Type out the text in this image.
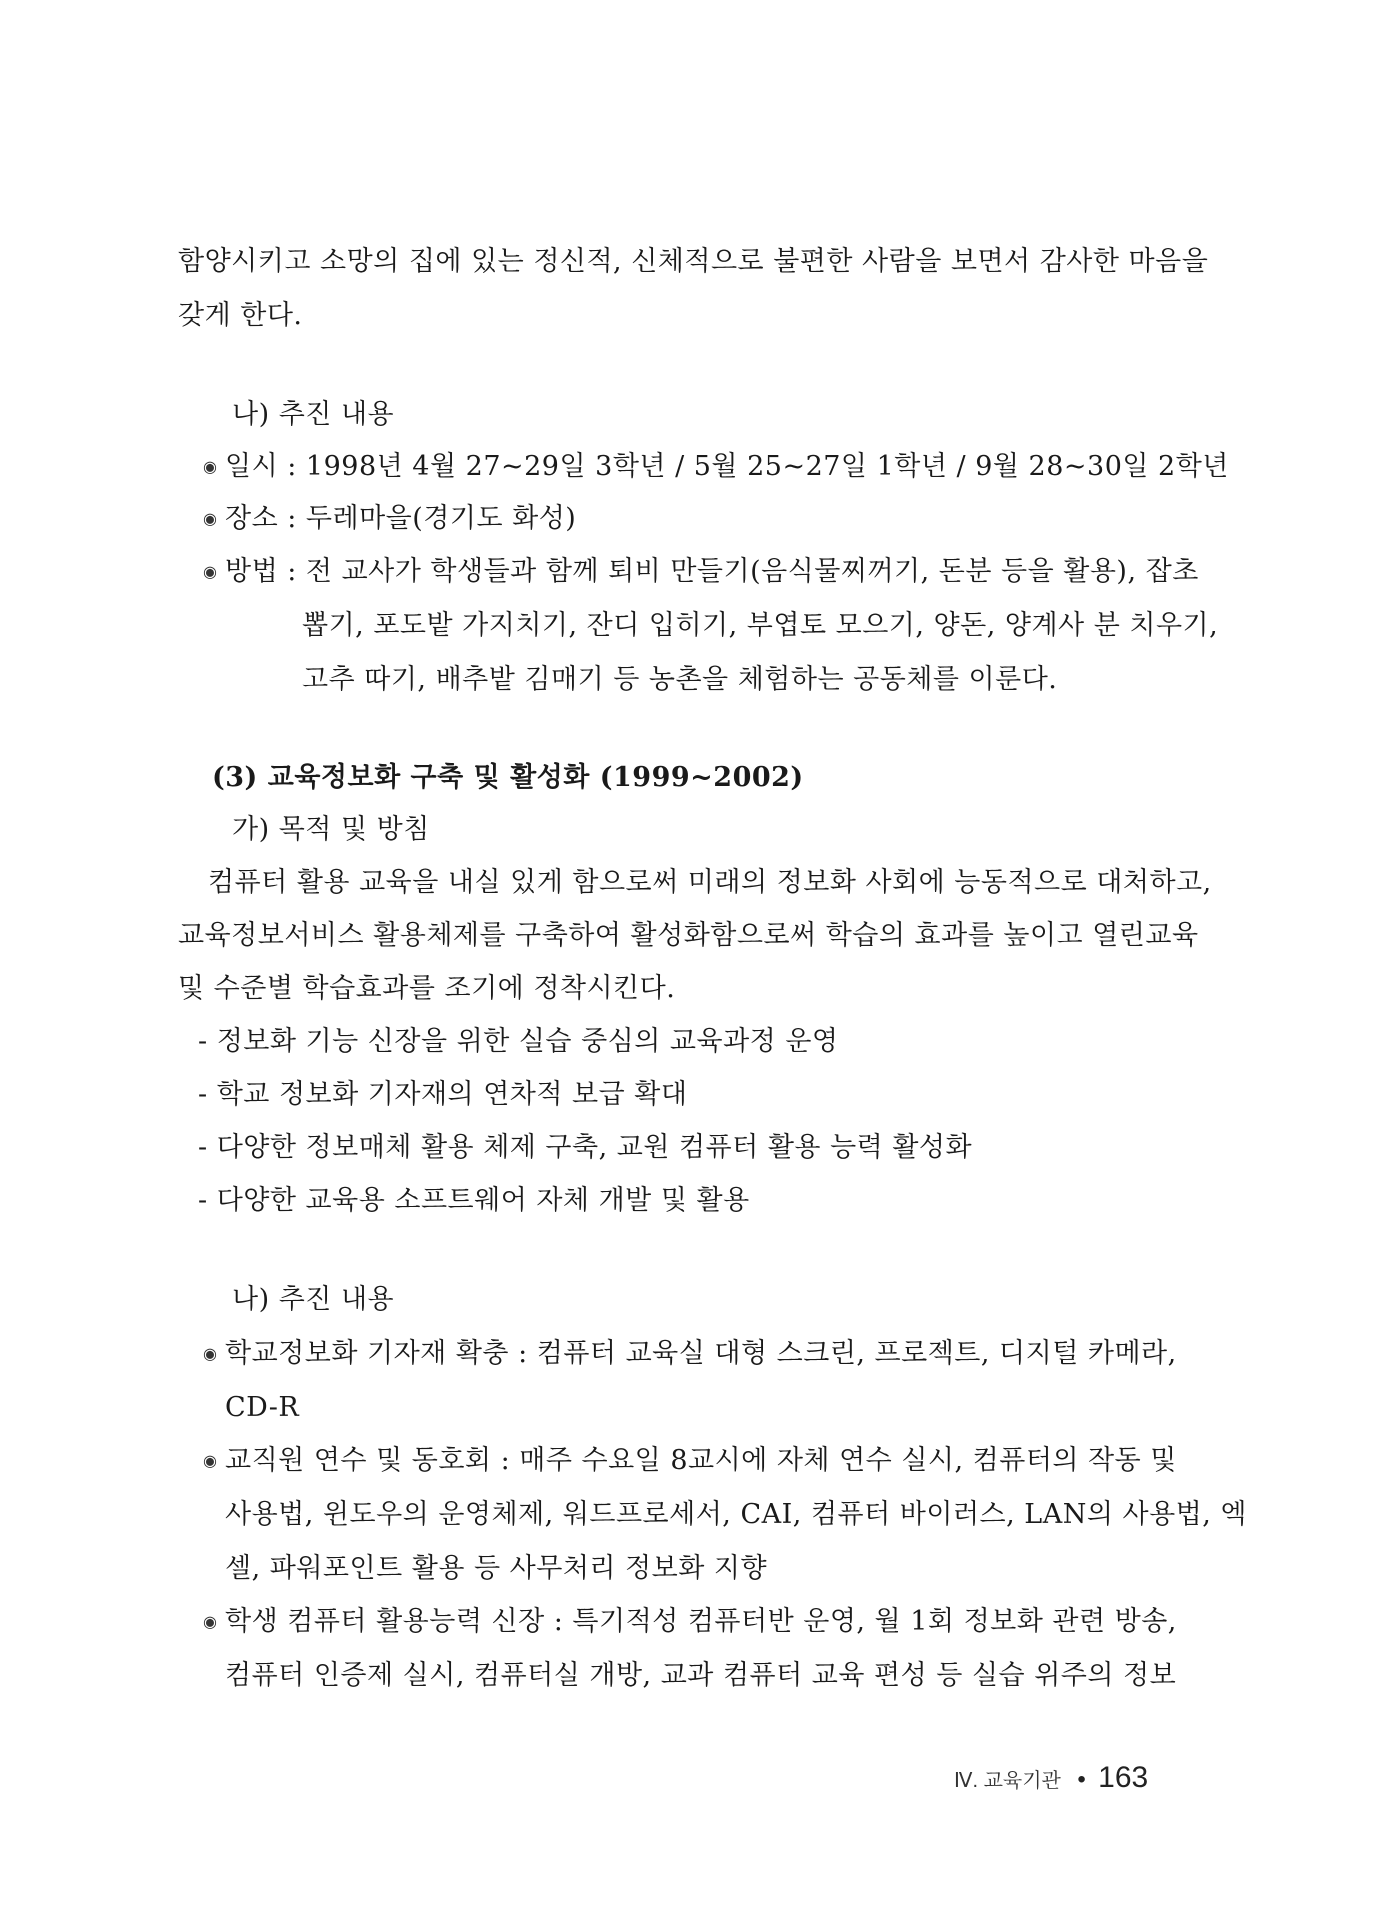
함양시키고 소망의 집에 있는 정신적, 신체적으로 불편한 사람을 보면서 감사한 마음을
갖게 한다.
나) 추진 내용
◉ 일시 : 1998년 4월 27~29일 3학년 / 5월 25~27일 1학년 / 9월 28~30일 2학년
◉ 장소 : 두레마을(경기도 화성)
◉ 방법 : 전 교사가 학생들과 함께 퇴비 만들기(음식물찌꺼기, 돈분 등을 활용), 잡초
뽑기, 포도밭 가지치기, 잔디 입히기, 부엽토 모으기, 양돈, 양계사 분 치우기,
고추 따기, 배추밭 김매기 등 농촌을 체험하는 공동체를 이룬다.
(3) 교육정보화 구축 및 활성화 (1999~2002)
가) 목적 및 방침
컴퓨터 활용 교육을 내실 있게 함으로써 미래의 정보화 사회에 능동적으로 대처하고,
교육정보서비스 활용체제를 구축하여 활성화함으로써 학습의 효과를 높이고 열린교육
및 수준별 학습효과를 조기에 정착시킨다.
- 정보화 기능 신장을 위한 실습 중심의 교육과정 운영
- 학교 정보화 기자재의 연차적 보급 확대
- 다양한 정보매체 활용 체제 구축, 교원 컴퓨터 활용 능력 활성화
- 다양한 교육용 소프트웨어 자체 개발 및 활용
나) 추진 내용
◉ 학교정보화 기자재 확충 : 컴퓨터 교육실 대형 스크린, 프로젝트, 디지털 카메라,
CD-R
◉ 교직원 연수 및 동호회 : 매주 수요일 8교시에 자체 연수 실시, 컴퓨터의 작동 및
사용법, 윈도우의 운영체제, 워드프로세서, CAI, 컴퓨터 바이러스, LAN의 사용법, 엑
셀, 파워포인트 활용 등 사무처리 정보화 지향
◉ 학생 컴퓨터 활용능력 신장 : 특기적성 컴퓨터반 운영, 월 1회 정보화 관련 방송,
컴퓨터 인증제 실시, 컴퓨터실 개방, 교과 컴퓨터 교육 편성 등 실습 위주의 정보
Ⅳ. 교육기관 • 163
